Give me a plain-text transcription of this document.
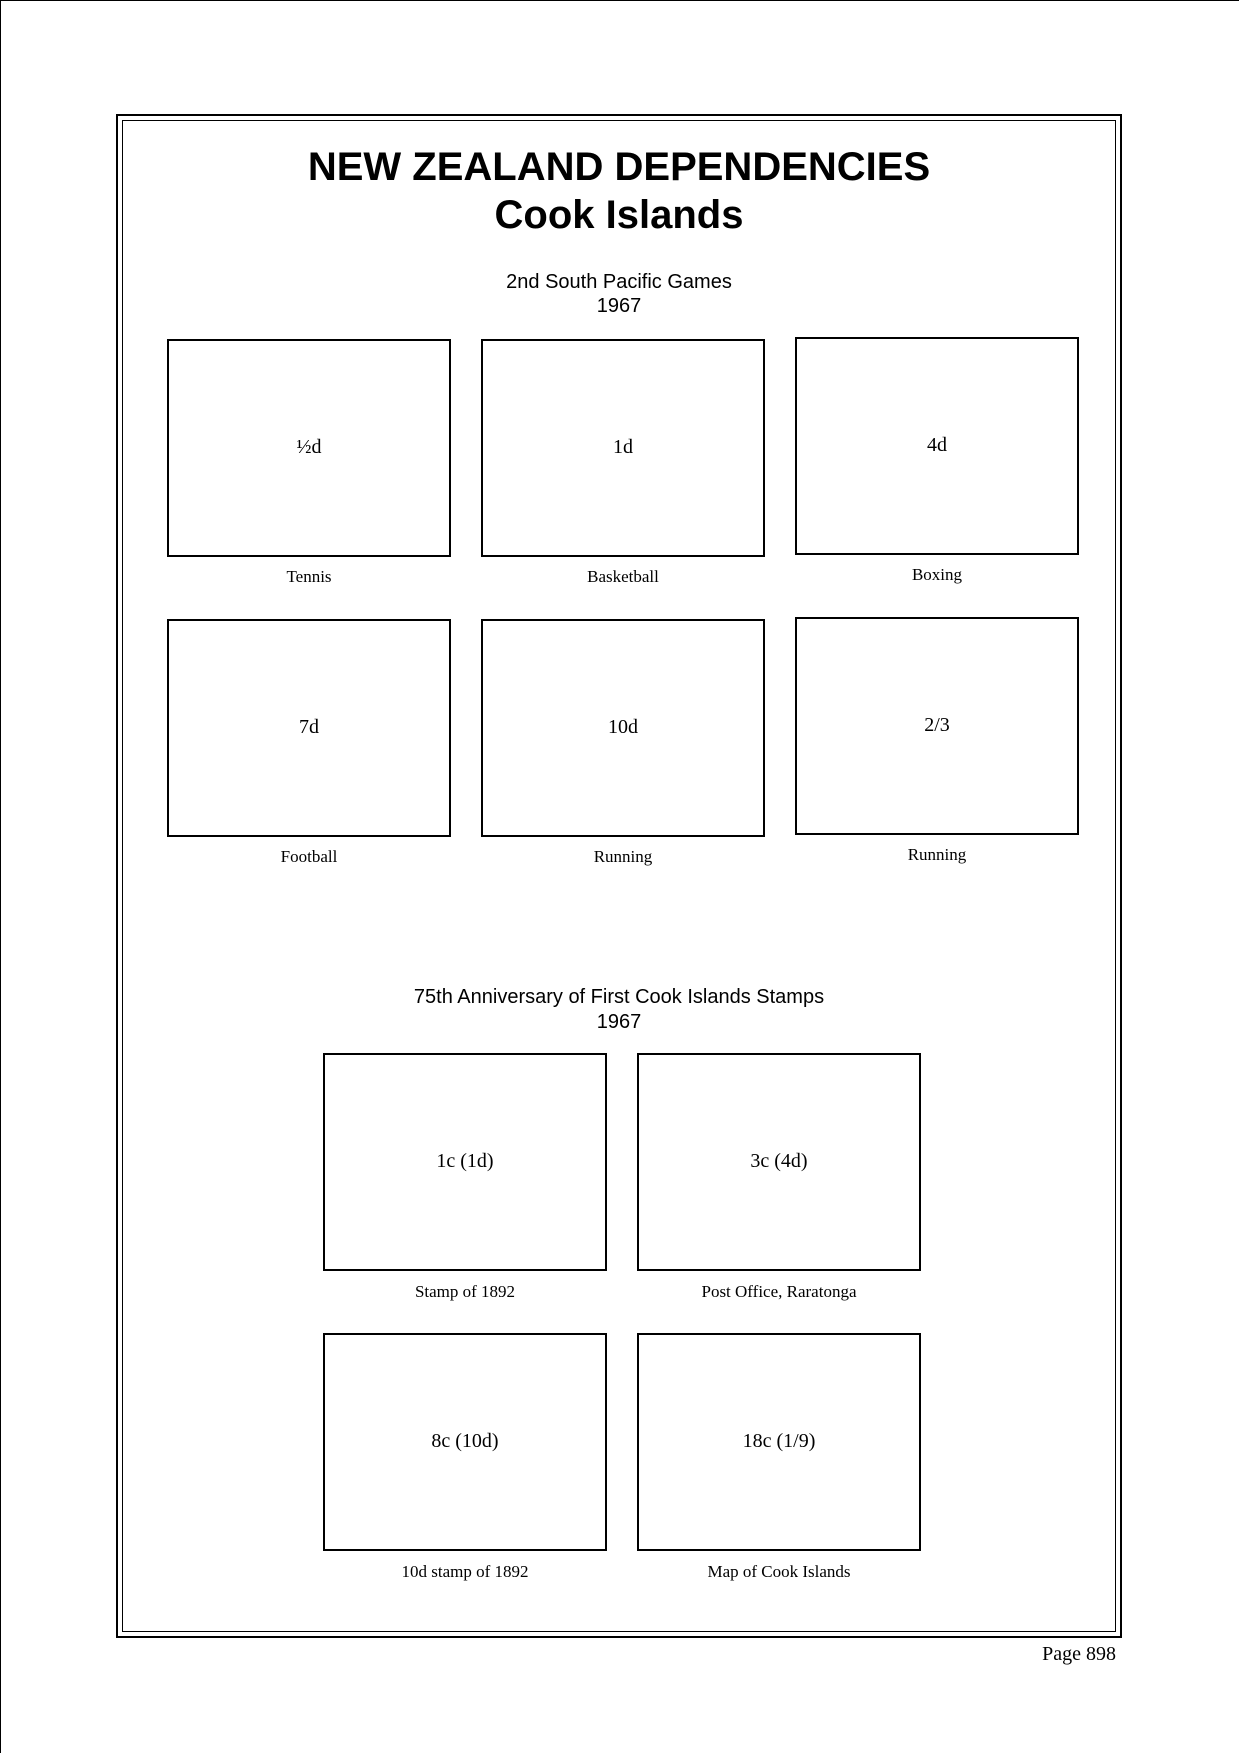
NEW ZEALAND DEPENDENCIES
Cook Islands
2nd South Pacific Games
1967
½d
Tennis
1d
Basketball
4d
Boxing
7d
Football
10d
Running
2/3
Running
75th Anniversary of First Cook Islands Stamps
1967
1c (1d)
Stamp of 1892
3c (4d)
Post Office, Raratonga
8c (10d)
10d stamp of 1892
18c (1/9)
Map of Cook Islands
Page 898
